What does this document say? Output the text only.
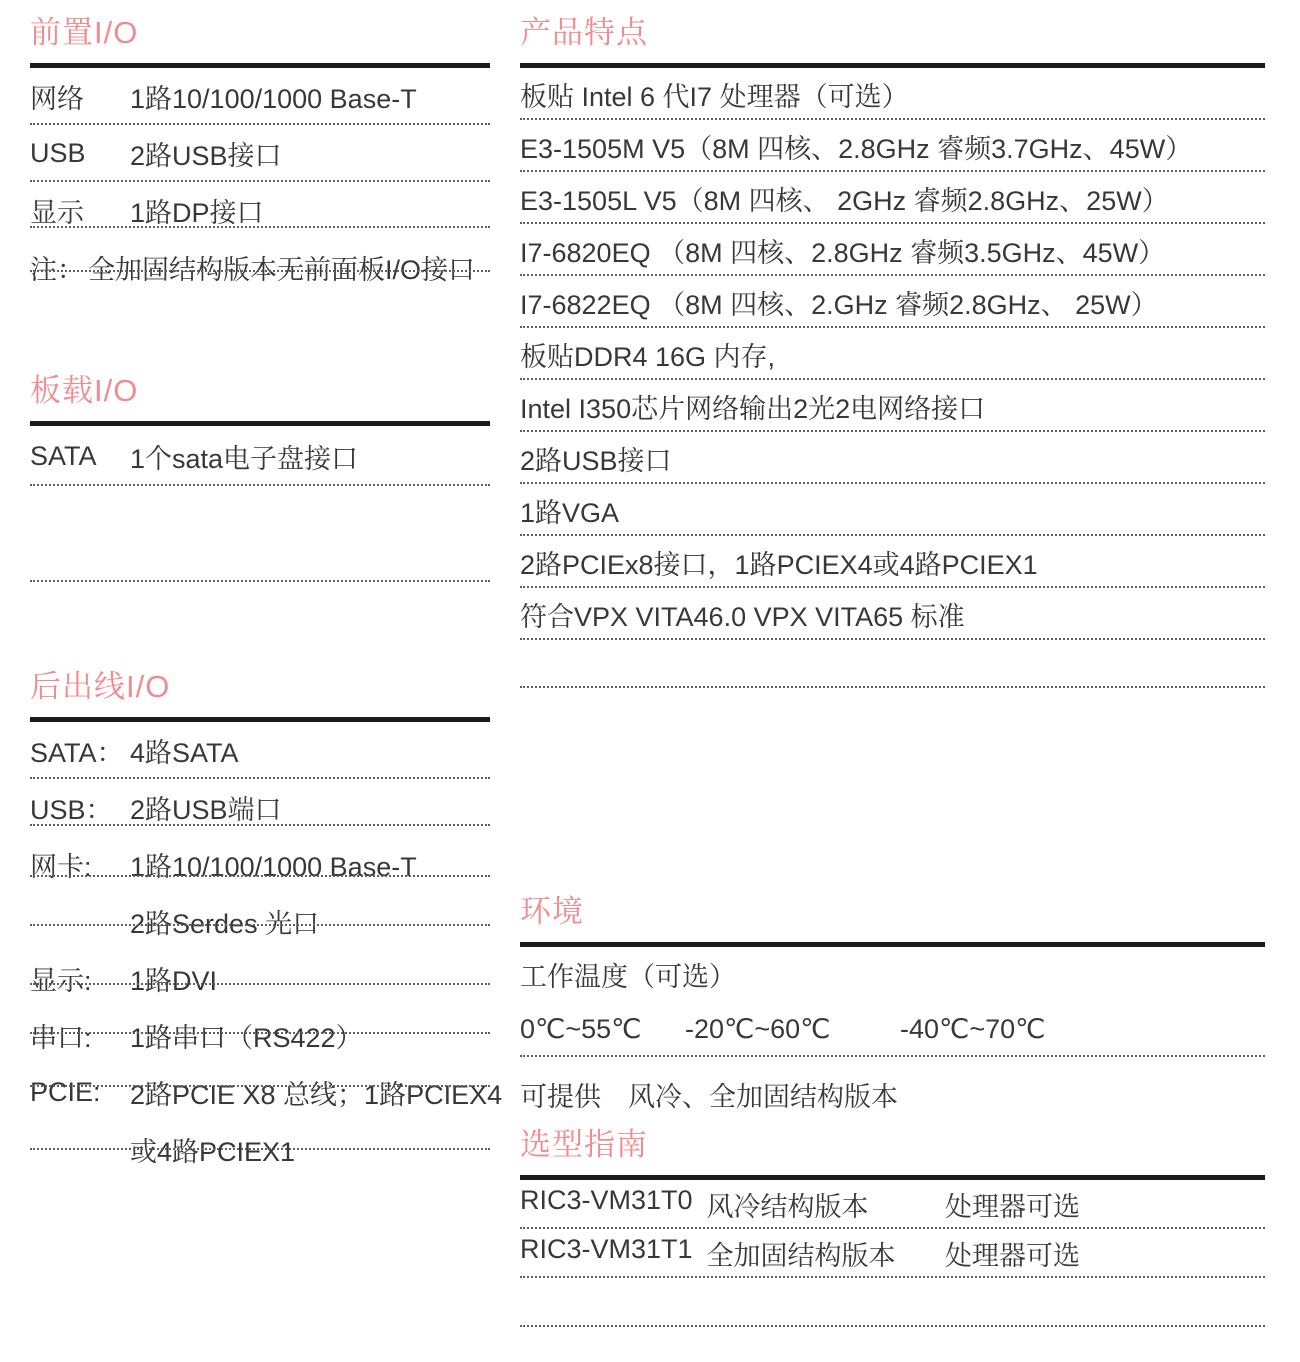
前置I/O
网络	1路10/100/1000 Base-T
USB	2路USB接口
显示	1路DP接口
注： 全加固结构版本无前面板I/O接口
板载I/O
SATA	1个sata电子盘接口
后出线I/O
SATA： 4路SATA
USB： 2路USB端口
网卡:	1路10/100/1000 Base-T
2路Serdes 光口
显示:	1路DVI
串口:	1路串口（RS422）
PCIE:	2路PCIE X8 总线；1路PCIEX4
或4路PCIEX1
产品特点
板贴 Intel 6 代I7 处理器（可选）
E3-1505M V5（8M 四核、2.8GHz 睿频3.7GHz、45W）
E3-1505L V5（8M 四核、 2GHz 睿频2.8GHz、25W）
I7-6820EQ （8M 四核、2.8GHz 睿频3.5GHz、45W）
I7-6822EQ （8M 四核、2.GHz 睿频2.8GHz、 25W）
板贴DDR4 16G 内存,
Intel I350芯片网络输出2光2电网络接口
2路USB接口
1路VGA
2路PCIEx8接口，1路PCIEX4或4路PCIEX1
符合VPX VITA46.0 VPX VITA65 标准
环境
工作温度（可选）
0℃~55℃	-20℃~60℃	-40℃~70℃
可提供　风冷、全加固结构版本
选型指南
RIC3-VM31T0 风冷结构版本	处理器可选
RIC3-VM31T1 全加固结构版本 处理器可选
